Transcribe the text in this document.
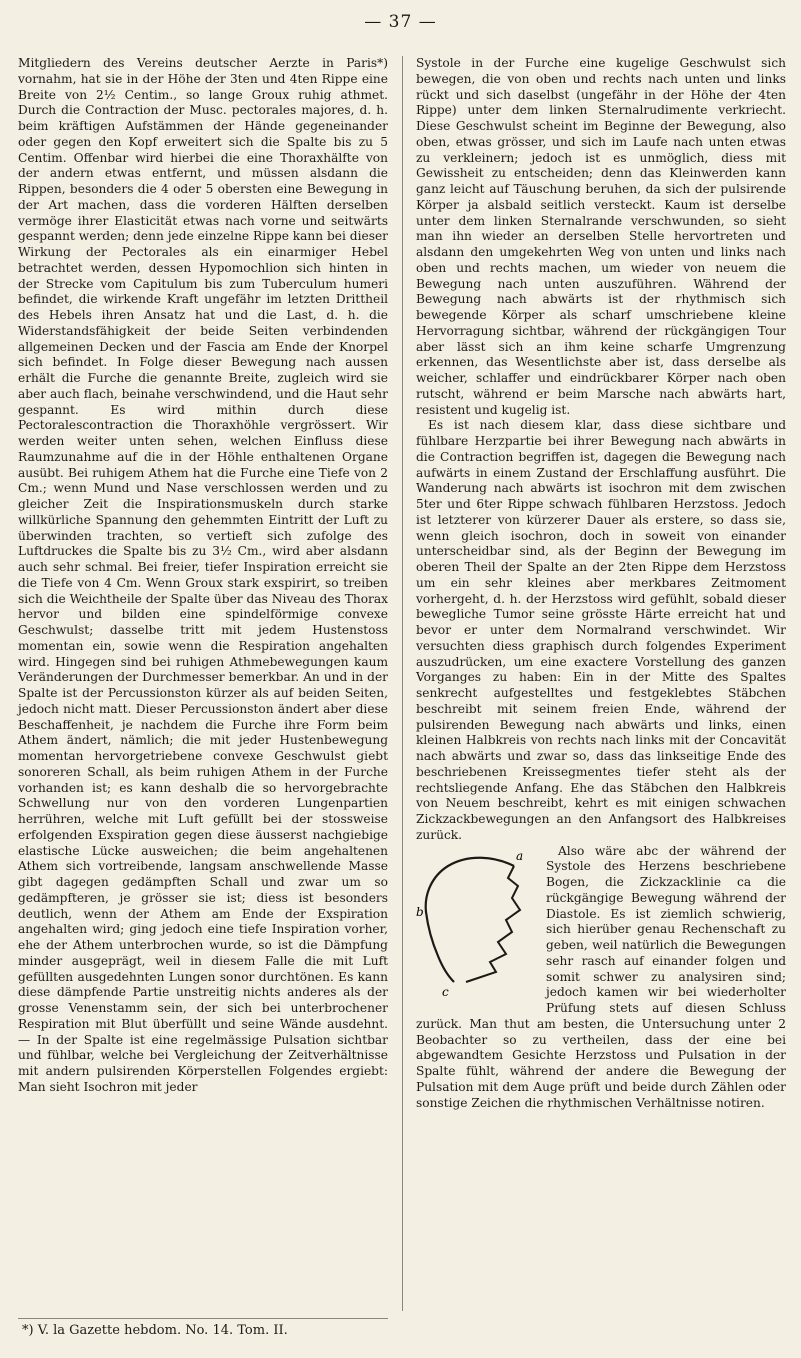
— 37 —

Mitgliedern des Vereins deutscher Aerzte in Paris*) vornahm, hat sie in der Höhe der 3ten und 4ten Rippe eine Breite von 2½ Centim., so lange Groux ruhig athmet. Durch die Contraction der Musc. pectorales majores, d. h. beim kräftigen Aufstämmen der Hände gegeneinander oder gegen den Kopf erweitert sich die Spalte bis zu 5 Centim. Offenbar wird hierbei die eine Thoraxhälfte von der andern etwas entfernt, und müssen alsdann die Rippen, besonders die 4 oder 5 obersten eine Bewegung in der Art machen, dass die vorderen Hälften derselben vermöge ihrer Elasticität etwas nach vorne und seitwärts gespannt werden; denn jede einzelne Rippe kann bei dieser Wirkung der Pectorales als ein einarmiger Hebel betrachtet werden, dessen Hypomochlion sich hinten in der Strecke vom Capitulum bis zum Tuberculum humeri befindet, die wirkende Kraft ungefähr im letzten Drittheil des Hebels ihren Ansatz hat und die Last, d. h. die Widerstandsfähigkeit der beide Seiten verbindenden allgemeinen Decken und der Fascia am Ende der Knorpel sich befindet. In Folge dieser Bewegung nach aussen erhält die Furche die genannte Breite, zugleich wird sie aber auch flach, beinahe verschwindend, und die Haut sehr gespannt. Es wird mithin durch diese Pectoralescontraction die Thoraxhöhle vergrössert. Wir werden weiter unten sehen, welchen Einfluss diese Raumzunahme auf die in der Höhle enthaltenen Organe ausübt. Bei ruhigem Athem hat die Furche eine Tiefe von 2 Cm.; wenn Mund und Nase verschlossen werden und zu gleicher Zeit die Inspirationsmuskeln durch starke willkürliche Spannung den gehemmten Eintritt der Luft zu überwinden trachten, so vertieft sich zufolge des Luftdruckes die Spalte bis zu 3½ Cm., wird aber alsdann auch sehr schmal. Bei freier, tiefer Inspiration erreicht sie die Tiefe von 4 Cm. Wenn Groux stark exspirirt, so treiben sich die Weichtheile der Spalte über das Niveau des Thorax hervor und bilden eine spindelförmige convexe Geschwulst; dasselbe tritt mit jedem Hustenstoss momentan ein, sowie wenn die Respiration angehalten wird. Hingegen sind bei ruhigen Athmebewegungen kaum Veränderungen der Durchmesser bemerkbar. An und in der Spalte ist der Percussionston kürzer als auf beiden Seiten, jedoch nicht matt. Dieser Percussionston ändert aber diese Beschaffenheit, je nachdem die Furche ihre Form beim Athem ändert, nämlich; die mit jeder Hustenbewegung momentan hervorgetriebene convexe Geschwulst giebt sonoreren Schall, als beim ruhigen Athem in der Furche vorhanden ist; es kann deshalb die so hervorgebrachte Schwellung nur von den vorderen Lungenpartien herrühren, welche mit Luft gefüllt bei der stossweise erfolgenden Exspiration gegen diese äusserst nachgiebige elastische Lücke ausweichen; die beim angehaltenen Athem sich vortreibende, langsam anschwellende Masse gibt dagegen gedämpften Schall und zwar um so gedämpfteren, je grösser sie ist; diess ist besonders deutlich, wenn der Athem am Ende der Exspiration angehalten wird; ging jedoch eine tiefe Inspiration vorher, ehe der Athem unterbrochen wurde, so ist die Dämpfung minder ausgeprägt, weil in diesem Falle die mit Luft gefüllten ausgedehnten Lungen sonor durchtönen. Es kann diese dämpfende Partie unstreitig nichts anderes als der grosse Venenstamm sein, der sich bei unterbrochener Respiration mit Blut überfüllt und seine Wände ausdehnt. — In der Spalte ist eine regelmässige Pulsation sichtbar und fühlbar, welche bei Vergleichung der Zeitverhältnisse mit andern pulsirenden Körperstellen Folgendes ergiebt: Man sieht Isochron mit jeder

Systole in der Furche eine kugelige Geschwulst sich bewegen, die von oben und rechts nach unten und links rückt und sich daselbst (ungefähr in der Höhe der 4ten Rippe) unter dem linken Sternalrudimente verkriecht. Diese Geschwulst scheint im Beginne der Bewegung, also oben, etwas grösser, und sich im Laufe nach unten etwas zu verkleinern; jedoch ist es unmöglich, diess mit Gewissheit zu entscheiden; denn das Kleinwerden kann ganz leicht auf Täuschung beruhen, da sich der pulsirende Körper ja alsbald seitlich versteckt. Kaum ist derselbe unter dem linken Sternalrande verschwunden, so sieht man ihn wieder an derselben Stelle hervortreten und alsdann den umgekehrten Weg von unten und links nach oben und rechts machen, um wieder von neuem die Bewegung nach unten auszuführen. Während der Bewegung nach abwärts ist der rhythmisch sich bewegende Körper als scharf umschriebene kleine Hervorragung sichtbar, während der rückgängigen Tour aber lässt sich an ihm keine scharfe Umgrenzung erkennen, das Wesentlichste aber ist, dass derselbe als weicher, schlaffer und eindrückbarer Körper nach oben rutscht, während er beim Marsche nach abwärts hart, resistent und kugelig ist.

Es ist nach diesem klar, dass diese sichtbare und fühlbare Herzpartie bei ihrer Bewegung nach abwärts in die Contraction begriffen ist, dagegen die Bewegung nach aufwärts in einem Zustand der Erschlaffung ausführt. Die Wanderung nach abwärts ist isochron mit dem zwischen 5ter und 6ter Rippe schwach fühlbaren Herzstoss. Jedoch ist letzterer von kürzerer Dauer als erstere, so dass sie, wenn gleich isochron, doch in soweit von einander unterscheidbar sind, als der Beginn der Bewegung im oberen Theil der Spalte an der 2ten Rippe dem Herzstoss um ein sehr kleines aber merkbares Zeitmoment vorhergeht, d. h. der Herzstoss wird gefühlt, sobald dieser bewegliche Tumor seine grösste Härte erreicht hat und bevor er unter dem Normalrand verschwindet. Wir versuchten diess graphisch durch folgendes Experiment auszudrücken, um eine exactere Vorstellung des ganzen Vorganges zu haben: Ein in der Mitte des Spaltes senkrecht aufgestelltes und festgeklebtes Stäbchen beschreibt mit seinem freien Ende, während der pulsirenden Bewegung nach abwärts und links, einen kleinen Halbkreis von rechts nach links mit der Concavität nach abwärts und zwar so, dass das linkseitige Ende des beschriebenen Kreissegmentes tiefer steht als der rechtsliegende Anfang. Ehe das Stäbchen den Halbkreis von Neuem beschreibt, kehrt es mit einigen schwachen Zickzackbewegungen an den Anfangsort des Halbkreises zurück.

a
b
c

Also wäre abc der während der Systole des Herzens beschriebene Bogen, die Zickzacklinie ca die rückgängige Bewegung während der Diastole. Es ist ziemlich schwierig, sich hierüber genau Rechenschaft zu geben, weil natürlich die Bewegungen sehr rasch auf einander folgen und somit schwer zu analysiren sind; jedoch kamen wir bei wiederholter Prüfung stets auf diesen Schluss zurück. Man thut am besten, die Untersuchung unter 2 Beobachter so zu vertheilen, dass der eine bei abgewandtem Gesichte Herzstoss und Pulsation in der Spalte fühlt, während der andere die Bewegung der Pulsation mit dem Auge prüft und beide durch Zählen oder sonstige Zeichen die rhythmischen Verhältnisse notiren.

*) V. la Gazette hebdom. No. 14. Tom. II.
